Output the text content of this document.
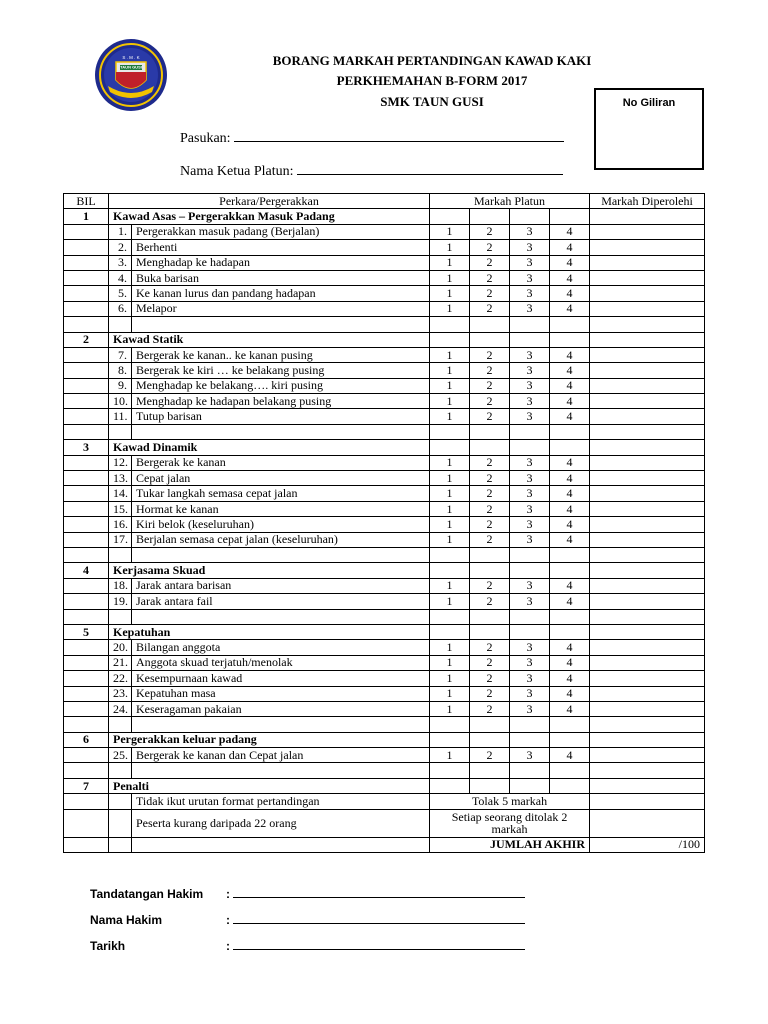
S . M . K
TAUN GUSI	BORANG MARKAH PERTANDINGAN KAWAD KAKI
PERKHEMAHAN B-FORM 2017
SMK TAUN GUSI	No Giliran
Pasukan:
Nama Ketua Platun:
BIL	Perkara/Pergerakkan		Markah Platun				Markah Diperolehi
1	Kawad Asas – Pergerakkan Masuk Padang						
	1.	Pergerakkan masuk padang (Berjalan)	1	2	3	4	
	2.	Berhenti	1	2	3	4	
	3.	Menghadap ke hadapan	1	2	3	4	
	4.	Buka barisan	1	2	3	4	
	5.	Ke kanan lurus dan pandang hadapan	1	2	3	4	
	6.	Melapor	1	2	3	4	

2	Kawad Statik						
	7.	Bergerak ke kanan.. ke kanan pusing	1	2	3	4	
	8.	Bergerak ke kiri … ke belakang pusing	1	2	3	4	
	9.	Menghadap ke belakang…. kiri pusing	1	2	3	4	
	10.	Menghadap ke hadapan belakang pusing	1	2	3	4	
	11.	Tutup barisan	1	2	3	4	

3	Kawad Dinamik						
	12.	Bergerak ke kanan	1	2	3	4	
	13.	Cepat jalan	1	2	3	4	
	14.	Tukar langkah semasa cepat jalan	1	2	3	4	
	15.	Hormat ke kanan	1	2	3	4	
	16.	Kiri belok (keseluruhan)	1	2	3	4	
	17.	Berjalan semasa cepat jalan (keseluruhan)	1	2	3	4	

4	Kerjasama Skuad						
	18.	Jarak antara barisan	1	2	3	4	
	19.	Jarak antara fail	1	2	3	4	

5	Kepatuhan						
	20.	Bilangan anggota	1	2	3	4	
	21.	Anggota skuad terjatuh/menolak	1	2	3	4	
	22.	Kesempurnaan kawad	1	2	3	4	
	23.	Kepatuhan masa	1	2	3	4	
	24.	Keseragaman pakaian	1	2	3	4	

6	Pergerakkan keluar padang						
	25.	Bergerak ke kanan dan Cepat jalan	1	2	3	4	

7	Penalti						
		Tidak ikut urutan format pertandingan	Tolak 5 markah				
		Peserta kurang daripada 22 orang	Setiap seorang ditolak 2 markah				
			JUMLAH AKHIR				/100
Tandatangan Hakim :
Nama Hakim	:
Tarikh	:
